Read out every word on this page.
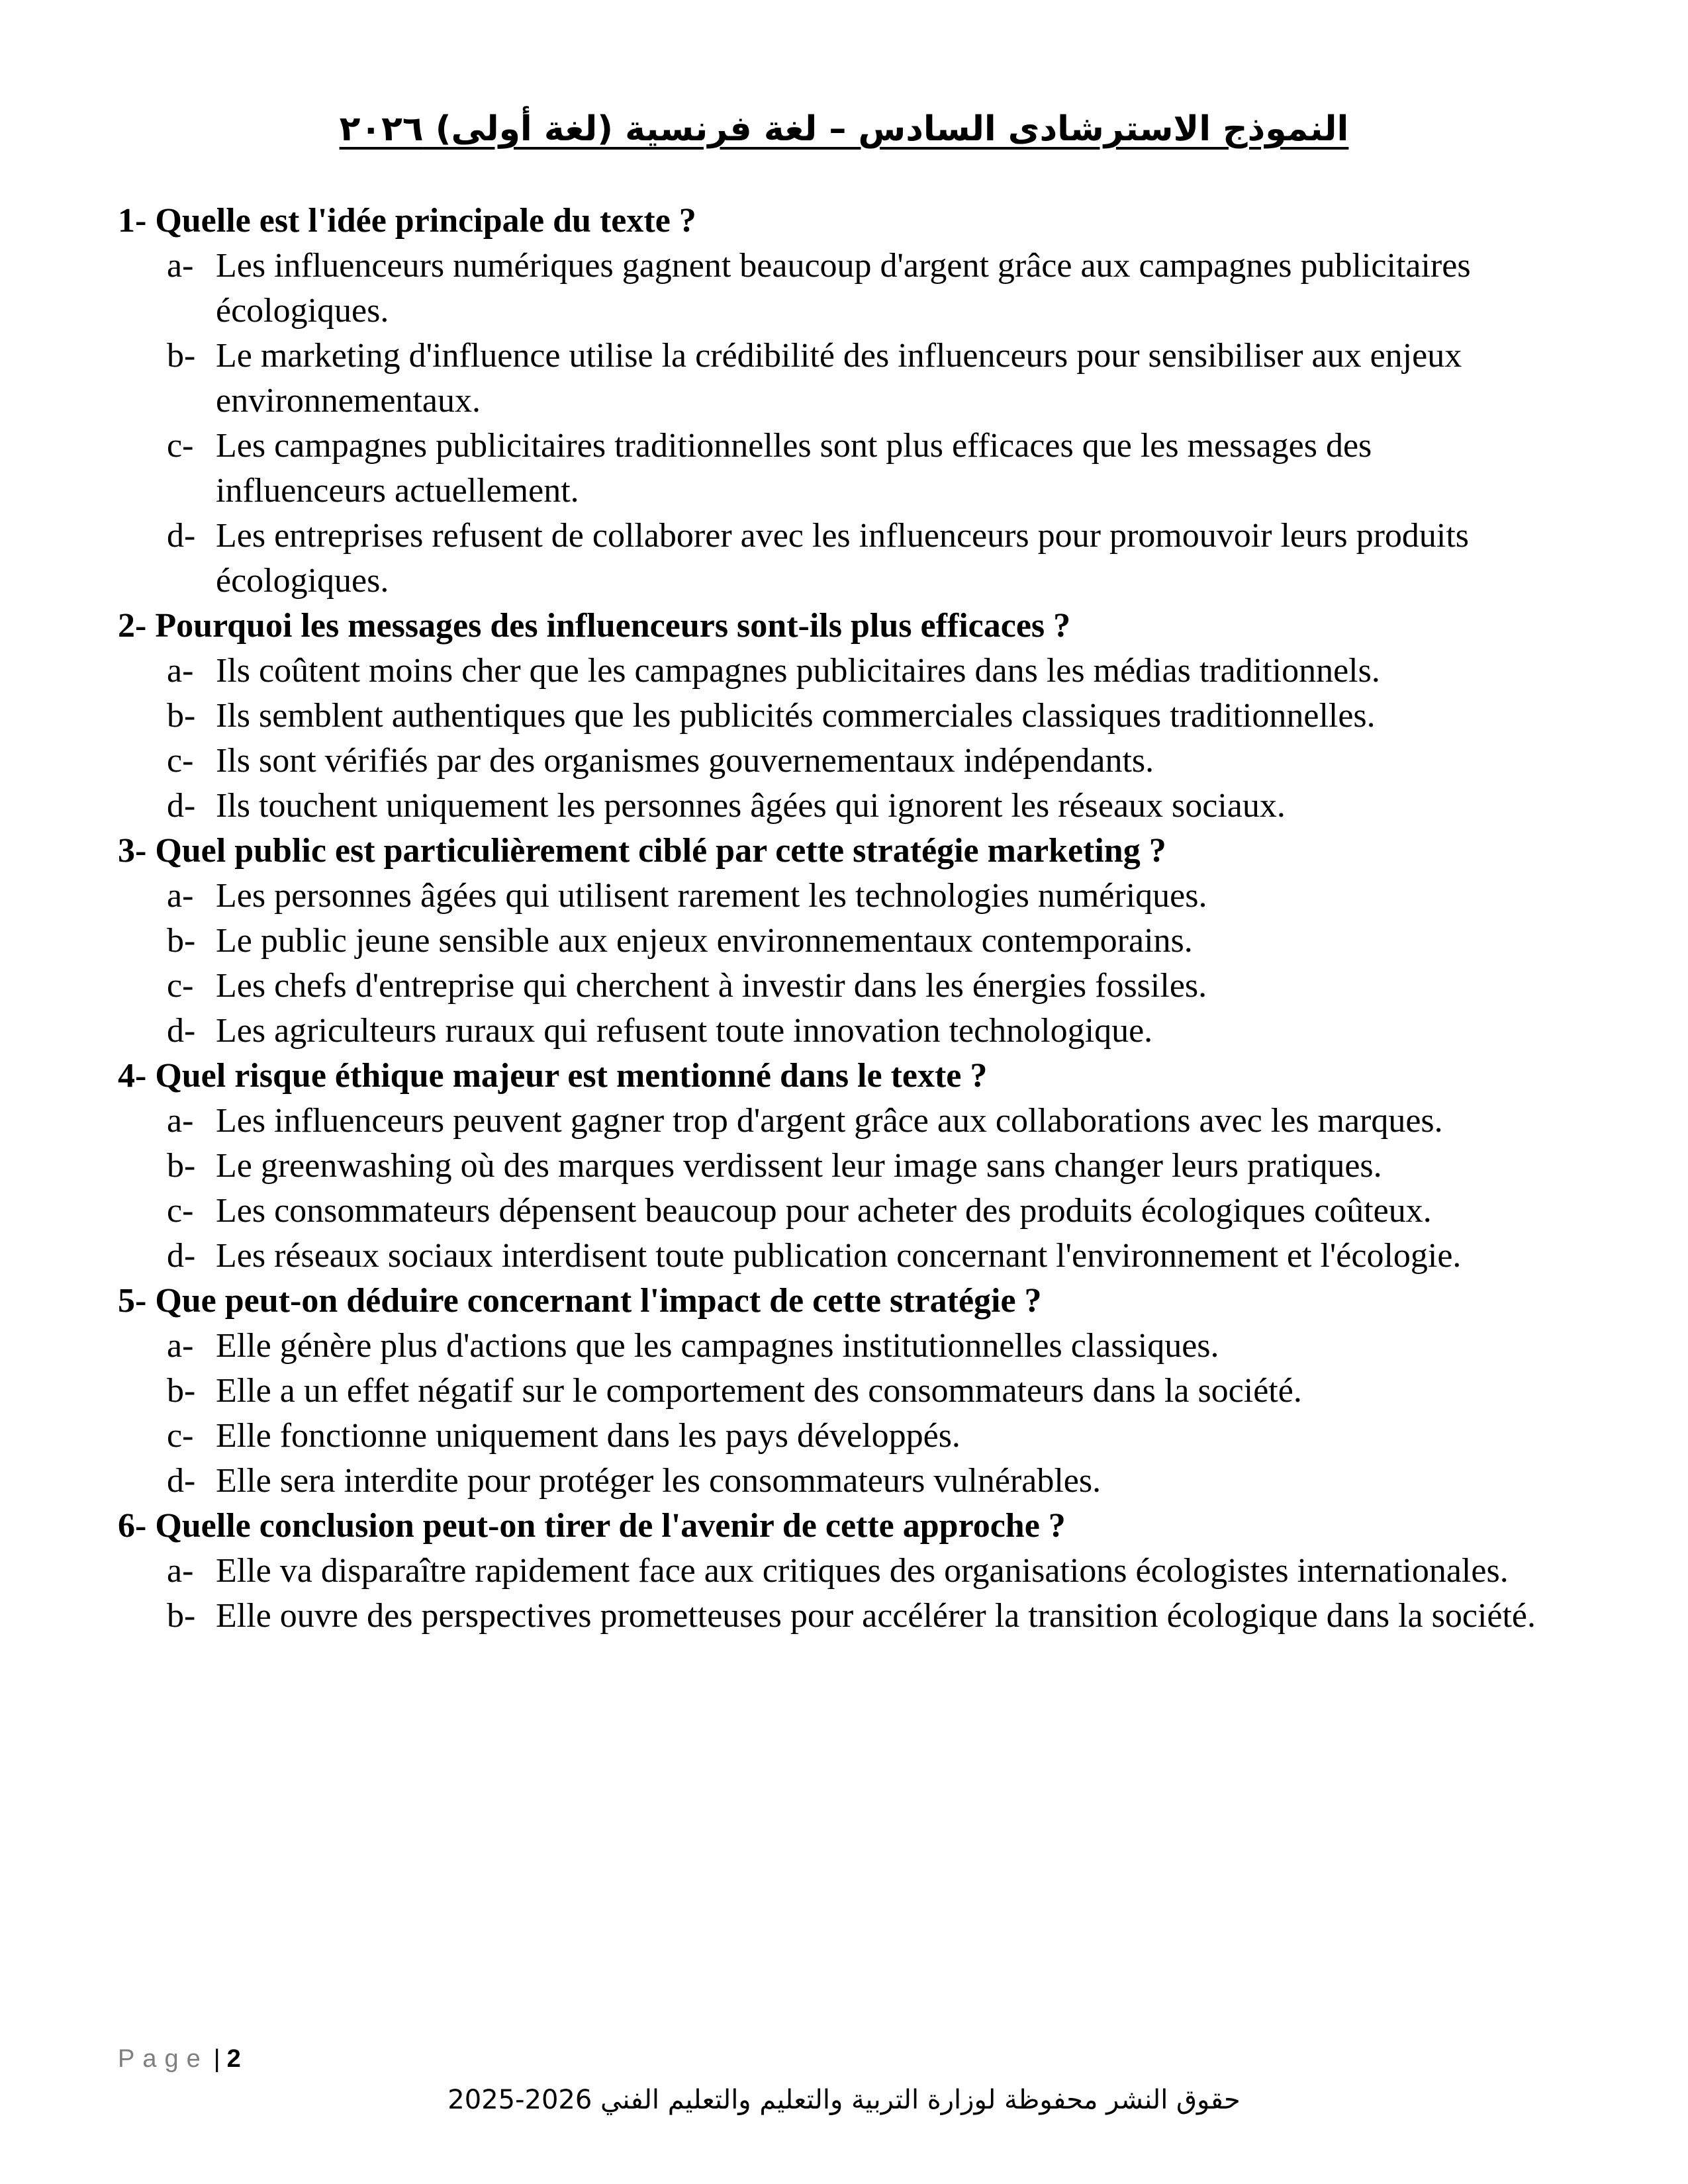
النموذج الاسترشادى السادس – لغة فرنسية (لغة أولى) ٢٠٢٦
1- Quelle est l'idée principale du texte ?
a- Les influenceurs numériques gagnent beaucoup d'argent grâce aux campagnes publicitaires écologiques.
b- Le marketing d'influence utilise la crédibilité des influenceurs pour sensibiliser aux enjeux environnementaux.
c- Les campagnes publicitaires traditionnelles sont plus efficaces que les messages des influenceurs actuellement.
d- Les entreprises refusent de collaborer avec les influenceurs pour promouvoir leurs produits écologiques.
2- Pourquoi les messages des influenceurs sont-ils plus efficaces ?
a- Ils coûtent moins cher que les campagnes publicitaires dans les médias traditionnels.
b- Ils semblent authentiques que les publicités commerciales classiques traditionnelles.
c- Ils sont vérifiés par des organismes gouvernementaux indépendants.
d- Ils touchent uniquement les personnes âgées qui ignorent les réseaux sociaux.
3- Quel public est particulièrement ciblé par cette stratégie marketing ?
a- Les personnes âgées qui utilisent rarement les technologies numériques.
b- Le public jeune sensible aux enjeux environnementaux contemporains.
c- Les chefs d'entreprise qui cherchent à investir dans les énergies fossiles.
d- Les agriculteurs ruraux qui refusent toute innovation technologique.
4- Quel risque éthique majeur est mentionné dans le texte ?
a- Les influenceurs peuvent gagner trop d'argent grâce aux collaborations avec les marques.
b- Le greenwashing où des marques verdissent leur image sans changer leurs pratiques.
c- Les consommateurs dépensent beaucoup pour acheter des produits écologiques coûteux.
d- Les réseaux sociaux interdisent toute publication concernant l'environnement et l'écologie.
5- Que peut-on déduire concernant l'impact de cette stratégie ?
a- Elle génère plus d'actions que les campagnes institutionnelles classiques.
b- Elle a un effet négatif sur le comportement des consommateurs dans la société.
c- Elle fonctionne uniquement dans les pays développés.
d- Elle sera interdite pour protéger les consommateurs vulnérables.
6- Quelle conclusion peut-on tirer de l'avenir de cette approche ?
a- Elle va disparaître rapidement face aux critiques des organisations écologistes internationales.
b- Elle ouvre des perspectives prometteuses pour accélérer la transition écologique dans la société.
Page | 2
حقوق النشر محفوظة لوزارة التربية والتعليم والتعليم الفني 2026-2025
